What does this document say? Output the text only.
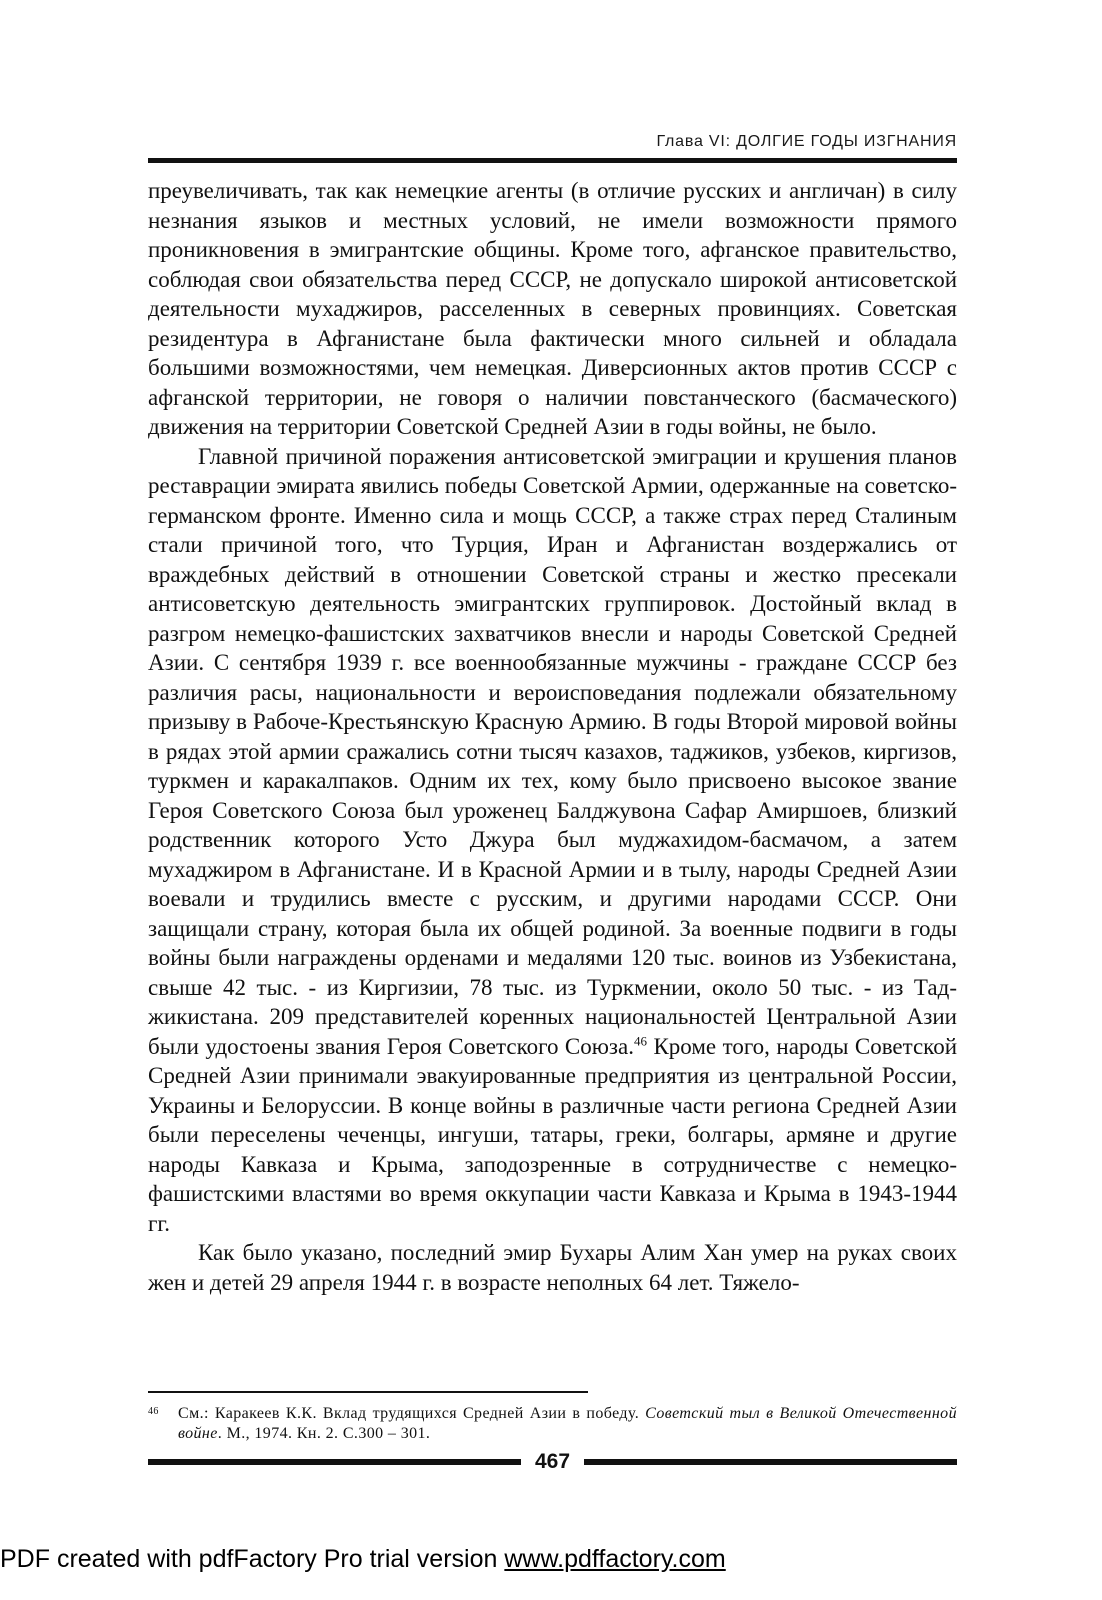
Глава VI: ДОЛГИЕ ГОДЫ ИЗГНАНИЯ

преувеличивать, так как немецкие агенты (в отличие русских и англичан) в силу незнания языков и местных условий, не имели возможности прямого проникновения в эмигрантские общины. Кроме того, афганское правительство, соблюдая свои обязательства перед СССР, не допускало широкой антисоветской деятельности мухаджиров, расселенных в северных провинциях. Советская резидентура в Афганистане была фактически много сильней и обладала большими возможностями, чем немецкая. Диверсионных актов против СССР с афганской территории, не говоря о наличии повстанческого (басмаческого) движения на территории Советской Средней Азии в годы войны, не было.

Главной причиной поражения антисоветской эмиграции и крушения планов реставрации эмирата явились победы Советской Армии, одержанные на советско-германском фронте. Именно сила и мощь СССР, а также страх перед Сталиным стали причиной того, что Турция, Иран и Афганистан воздержались от враждебных действий в отношении Советской страны и жестко пресекали антисоветскую деятельность эмигрантских группировок. Достойный вклад в разгром немецко-фашистских захватчиков внесли и народы Советской Средней Азии. С сентября 1939 г. все военнообязанные мужчины - граждане СССР без различия расы, национальности и вероисповедания подлежали обязательному призыву в Рабоче-Крестьянскую Красную Армию. В годы Второй мировой войны в рядах этой армии сражались сотни тысяч казахов, таджиков, узбеков, киргизов, туркмен и каракалпаков. Одним их тех, кому было присвоено высокое звание Героя Советского Союза был уроженец Балджувона Сафар Амиршоев, близкий родственник которого Усто Джура был муджахидом-басмачом, а затем мухаджиром в Афганистане. И в Красной Армии и в тылу, народы Средней Азии воевали и трудились вместе с русским, и другими народами СССР. Они защищали страну, которая была их общей родиной. За военные подвиги в годы войны были награждены орденами и медалями 120 тыс. воинов из Узбекистана, свыше 42 тыс. - из Киргизии, 78 тыс. из Туркмении, около 50 тыс. - из Таджикистана. 209 представителей коренных национальностей Центральной Азии были удостоены звания Героя Советского Союза.$^{46}$ Кроме того, народы Советской Средней Азии принимали эвакуированные предприятия из центральной России, Украины и Белоруссии. В конце войны в различные части региона Средней Азии были переселены чеченцы, ингуши, татары, греки, болгары, армяне и другие народы Кавказа и Крыма, заподозренные в сотрудничестве с немецко-фашистскими властями во время оккупации части Кавказа и Крыма в 1943-1944 гг.

Как было указано, последний эмир Бухары Алим Хан умер на руках своих жен и детей 29 апреля 1944 г. в возрасте неполных 64 лет. Тяжело-

46 См.: Каракеев К.К. Вклад трудящихся Средней Азии в победу. Советский тыл в Великой Отечественной войне. М., 1974. Кн. 2. С.300 – 301.
467
PDF created with pdfFactory Pro trial version www.pdffactory.com
